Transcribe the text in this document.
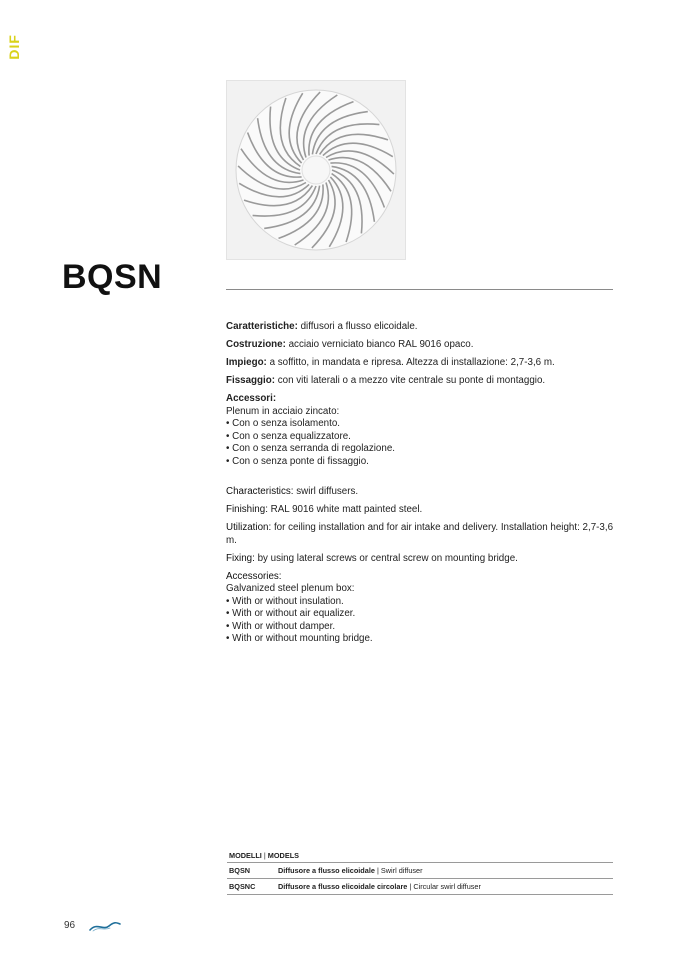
DIF
BQSN

Caratteristiche: diffusori a flusso elicoidale.

Costruzione: acciaio verniciato bianco RAL 9016 opaco.

Impiego: a soffitto, in mandata e ripresa. Altezza di installazione: 2,7-3,6 m.

Fissaggio: con viti laterali o a mezzo vite centrale su ponte di montaggio.

Accessori:
Plenum in acciaio zincato:
• Con o senza isolamento.
• Con o senza equalizzatore.
• Con o senza serranda di regolazione.
• Con o senza ponte di fissaggio.

Characteristics: swirl diffusers.

Finishing: RAL 9016 white matt painted steel.

Utilization: for ceiling installation and for air intake and delivery. Installation height: 2,7-3,6 m.

Fixing: by using lateral screws or central screw on mounting bridge.

Accessories:
Galvanized steel plenum box:
• With or without insulation.
• With or without air equalizer.
• With or without damper.
• With or without mounting bridge.
MODELLI | MODELS	
BQSN	Diffusore a flusso elicoidale | Swirl diffuser
BQSNC	Diffusore a flusso elicoidale circolare | Circular swirl diffuser
96
